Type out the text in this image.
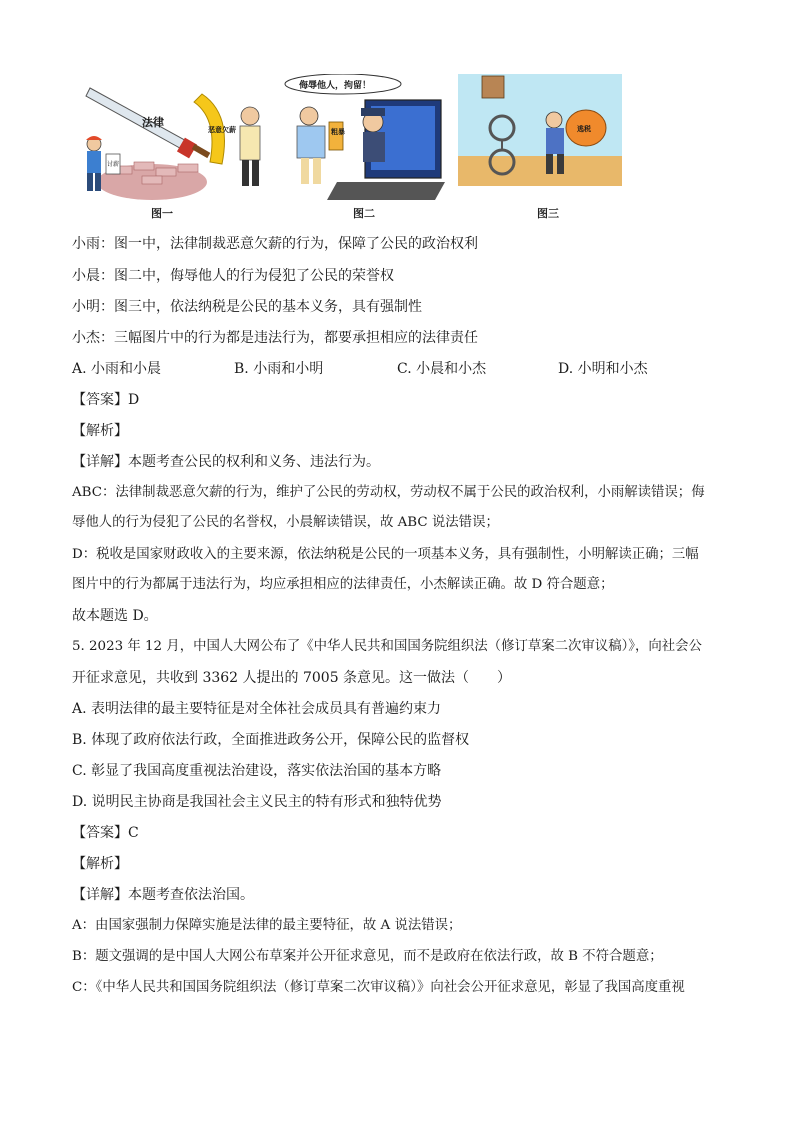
法律
恶意欠薪
讨薪
侮辱他人，拘留！
粗暴	逃税
图一	图二	图三
小雨：图一中，法律制裁恶意欠薪的行为，保障了公民的政治权利
小晨：图二中，侮辱他人的行为侵犯了公民的荣誉权
小明：图三中，依法纳税是公民的基本义务，具有强制性
小杰：三幅图片中的行为都是违法行为，都要承担相应的法律责任
A. 小雨和小晨	B. 小雨和小明	C. 小晨和小杰	D. 小明和小杰
【答案】D
【解析】
【详解】本题考查公民的权利和义务、违法行为。
ABC：法律制裁恶意欠薪的行为，维护了公民的劳动权，劳动权不属于公民的政治权利，小雨解读错误；侮
辱他人的行为侵犯了公民的名誉权，小晨解读错误，故 ABC 说法错误；
D：税收是国家财政收入的主要来源，依法纳税是公民的一项基本义务，具有强制性，小明解读正确；三幅
图片中的行为都属于违法行为，均应承担相应的法律责任，小杰解读正确。故 D 符合题意；
故本题选 D。
5. 2023 年 12 月，中国人大网公布了《中华人民共和国国务院组织法（修订草案二次审议稿）》，向社会公
开征求意见，共收到 3362 人提出的 7005 条意见。这一做法（　　）
A. 表明法律的最主要特征是对全体社会成员具有普遍约束力
B. 体现了政府依法行政，全面推进政务公开，保障公民的监督权
C. 彰显了我国高度重视法治建设，落实依法治国的基本方略
D. 说明民主协商是我国社会主义民主的特有形式和独特优势
【答案】C
【解析】
【详解】本题考查依法治国。
A：由国家强制力保障实施是法律的最主要特征，故 A 说法错误；
B：题文强调的是中国人大网公布草案并公开征求意见，而不是政府在依法行政，故 B 不符合题意；
C：《中华人民共和国国务院组织法（修订草案二次审议稿）》向社会公开征求意见，彰显了我国高度重视
